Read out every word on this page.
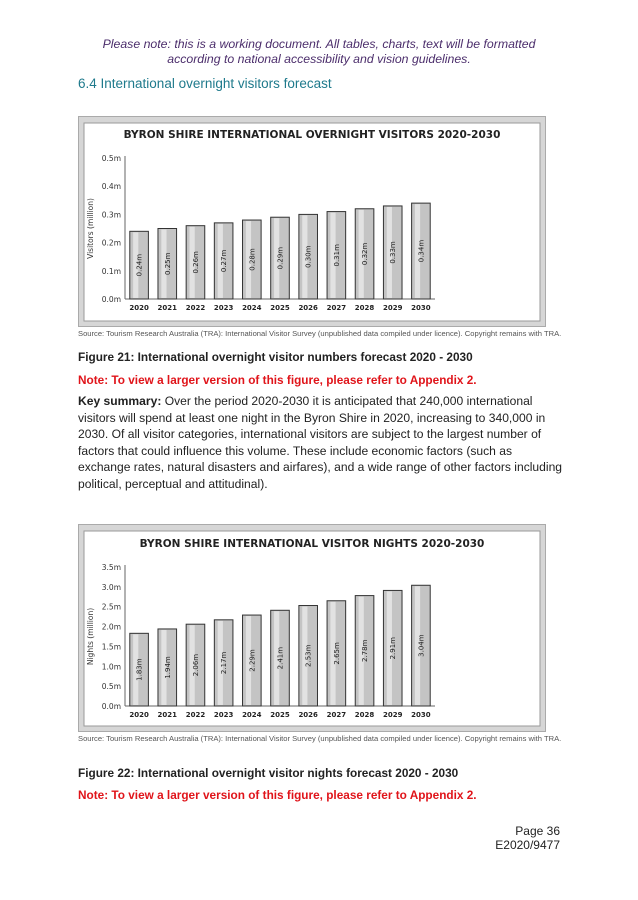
Please note: this is a working document. All tables, charts, text will be formatted
according to national accessibility and vision guidelines.
6.4 International overnight visitors forecast
BYRON SHIRE INTERNATIONAL OVERNIGHT VISITORS 2020-2030
0.0m
0.1m
0.2m
0.3m
0.4m
0.5m
Visitors (million)
0.24m
2020
0.25m
2021
0.26m
2022
0.27m
2023
0.28m
2024
0.29m
2025
0.30m
2026
0.31m
2027
0.32m
2028
0.33m
2029
0.34m
2030
Source: Tourism Research Australia (TRA): International Visitor Survey (unpublished data compiled under licence). Copyright remains with TRA.
Figure 21: International overnight visitor numbers forecast 2020 - 2030
Note: To view a larger version of this figure, please refer to Appendix 2.
Key summary: Over the period 2020-2030 it is anticipated that 240,000 international visitors will spend at least one night in the Byron Shire in 2020, increasing to 340,000 in 2030. Of all visitor categories, international visitors are subject to the largest number of factors that could influence this volume. These include economic factors (such as exchange rates, natural disasters and airfares), and a wide range of other factors including political, perceptual and attitudinal).
BYRON SHIRE INTERNATIONAL VISITOR NIGHTS 2020-2030
0.0m
0.5m
1.0m
1.5m
2.0m
2.5m
3.0m
3.5m
Nights (million)
1.83m
2020
1.94m
2021
2.06m
2022
2.17m
2023
2.29m
2024
2.41m
2025
2.53m
2026
2.65m
2027
2.78m
2028
2.91m
2029
3.04m
2030
Source: Tourism Research Australia (TRA): International Visitor Survey (unpublished data compiled under licence). Copyright remains with TRA.
Figure 22: International overnight visitor nights forecast 2020 - 2030
Note: To view a larger version of this figure, please refer to Appendix 2.
Page 36
E2020/9477
